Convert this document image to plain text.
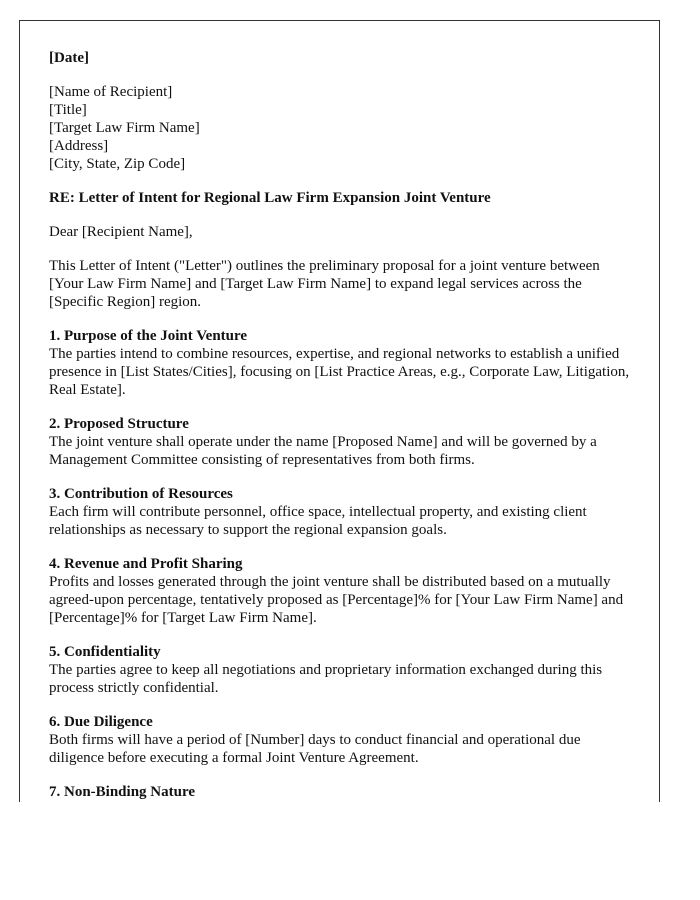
[Date]

[Name of Recipient]
[Title]
[Target Law Firm Name]
[Address]
[City, State, Zip Code]

RE: Letter of Intent for Regional Law Firm Expansion Joint Venture

Dear [Recipient Name],

This Letter of Intent ("Letter") outlines the preliminary proposal for a joint venture between [Your Law Firm Name] and [Target Law Firm Name] to expand legal services across the [Specific Region] region.

1. Purpose of the Joint Venture
The parties intend to combine resources, expertise, and regional networks to establish a unified presence in [List States/Cities], focusing on [List Practice Areas, e.g., Corporate Law, Litigation, Real Estate].

2. Proposed Structure
The joint venture shall operate under the name [Proposed Name] and will be governed by a Management Committee consisting of representatives from both firms.

3. Contribution of Resources
Each firm will contribute personnel, office space, intellectual property, and existing client relationships as necessary to support the regional expansion goals.

4. Revenue and Profit Sharing
Profits and losses generated through the joint venture shall be distributed based on a mutually agreed-upon percentage, tentatively proposed as [Percentage]% for [Your Law Firm Name] and [Percentage]% for [Target Law Firm Name].

5. Confidentiality
The parties agree to keep all negotiations and proprietary information exchanged during this process strictly confidential.

6. Due Diligence
Both firms will have a period of [Number] days to conduct financial and operational due diligence before executing a formal Joint Venture Agreement.

7. Non-Binding Nature
